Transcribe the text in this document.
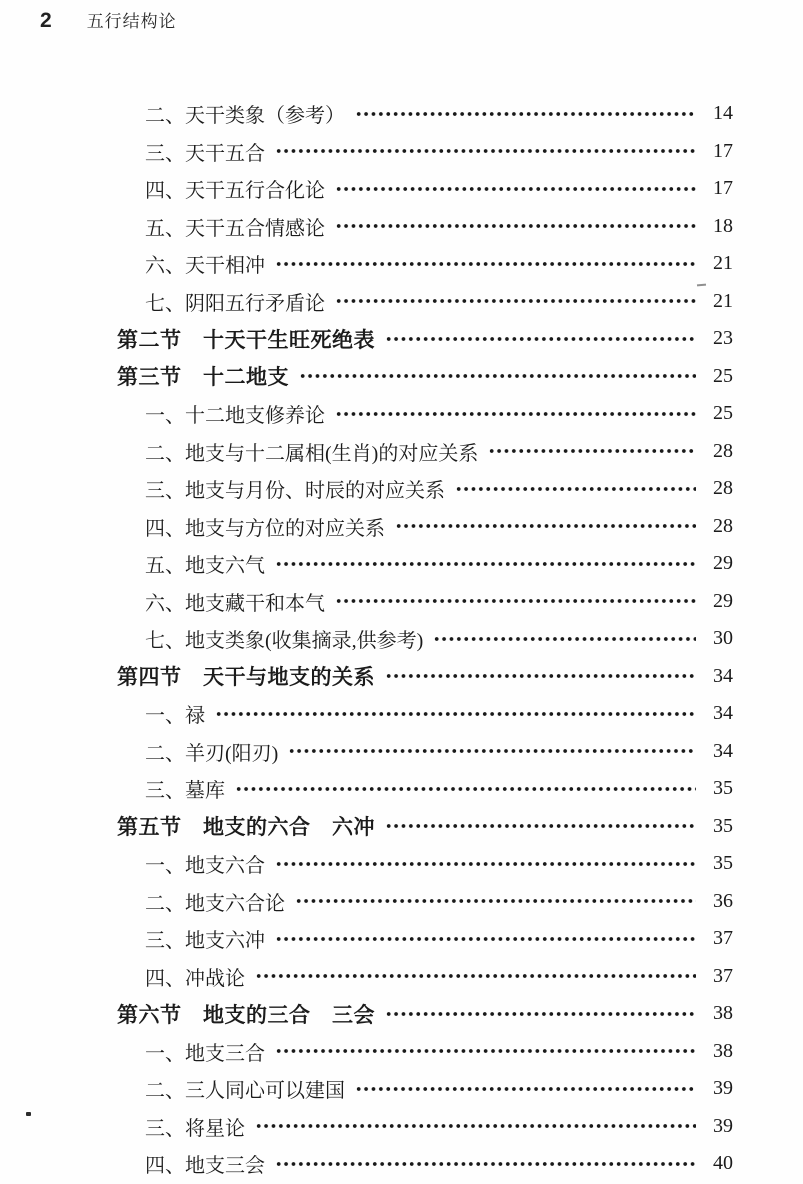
2 五行结构论
二、天干类象（参考）	14
三、天干五合	17
四、天干五行合化论	17
五、天干五合情感论	18
六、天干相冲	21
七、阴阳五行矛盾论	21
第二节　十天干生旺死绝表	23
第三节　十二地支	25
一、十二地支修养论	25
二、地支与十二属相(生肖)的对应关系	28
三、地支与月份、时辰的对应关系	28
四、地支与方位的对应关系	28
五、地支六气	29
六、地支藏干和本气	29
七、地支类象(收集摘录,供参考)	30
第四节　天干与地支的关系	34
一、禄	34
二、羊刃(阳刃)	34
三、墓库	35
第五节　地支的六合　六冲	35
一、地支六合	35
二、地支六合论	36
三、地支六冲	37
四、冲战论	37
第六节　地支的三合　三会	38
一、地支三合	38
二、三人同心可以建国	39
三、将星论	39
四、地支三会	40
